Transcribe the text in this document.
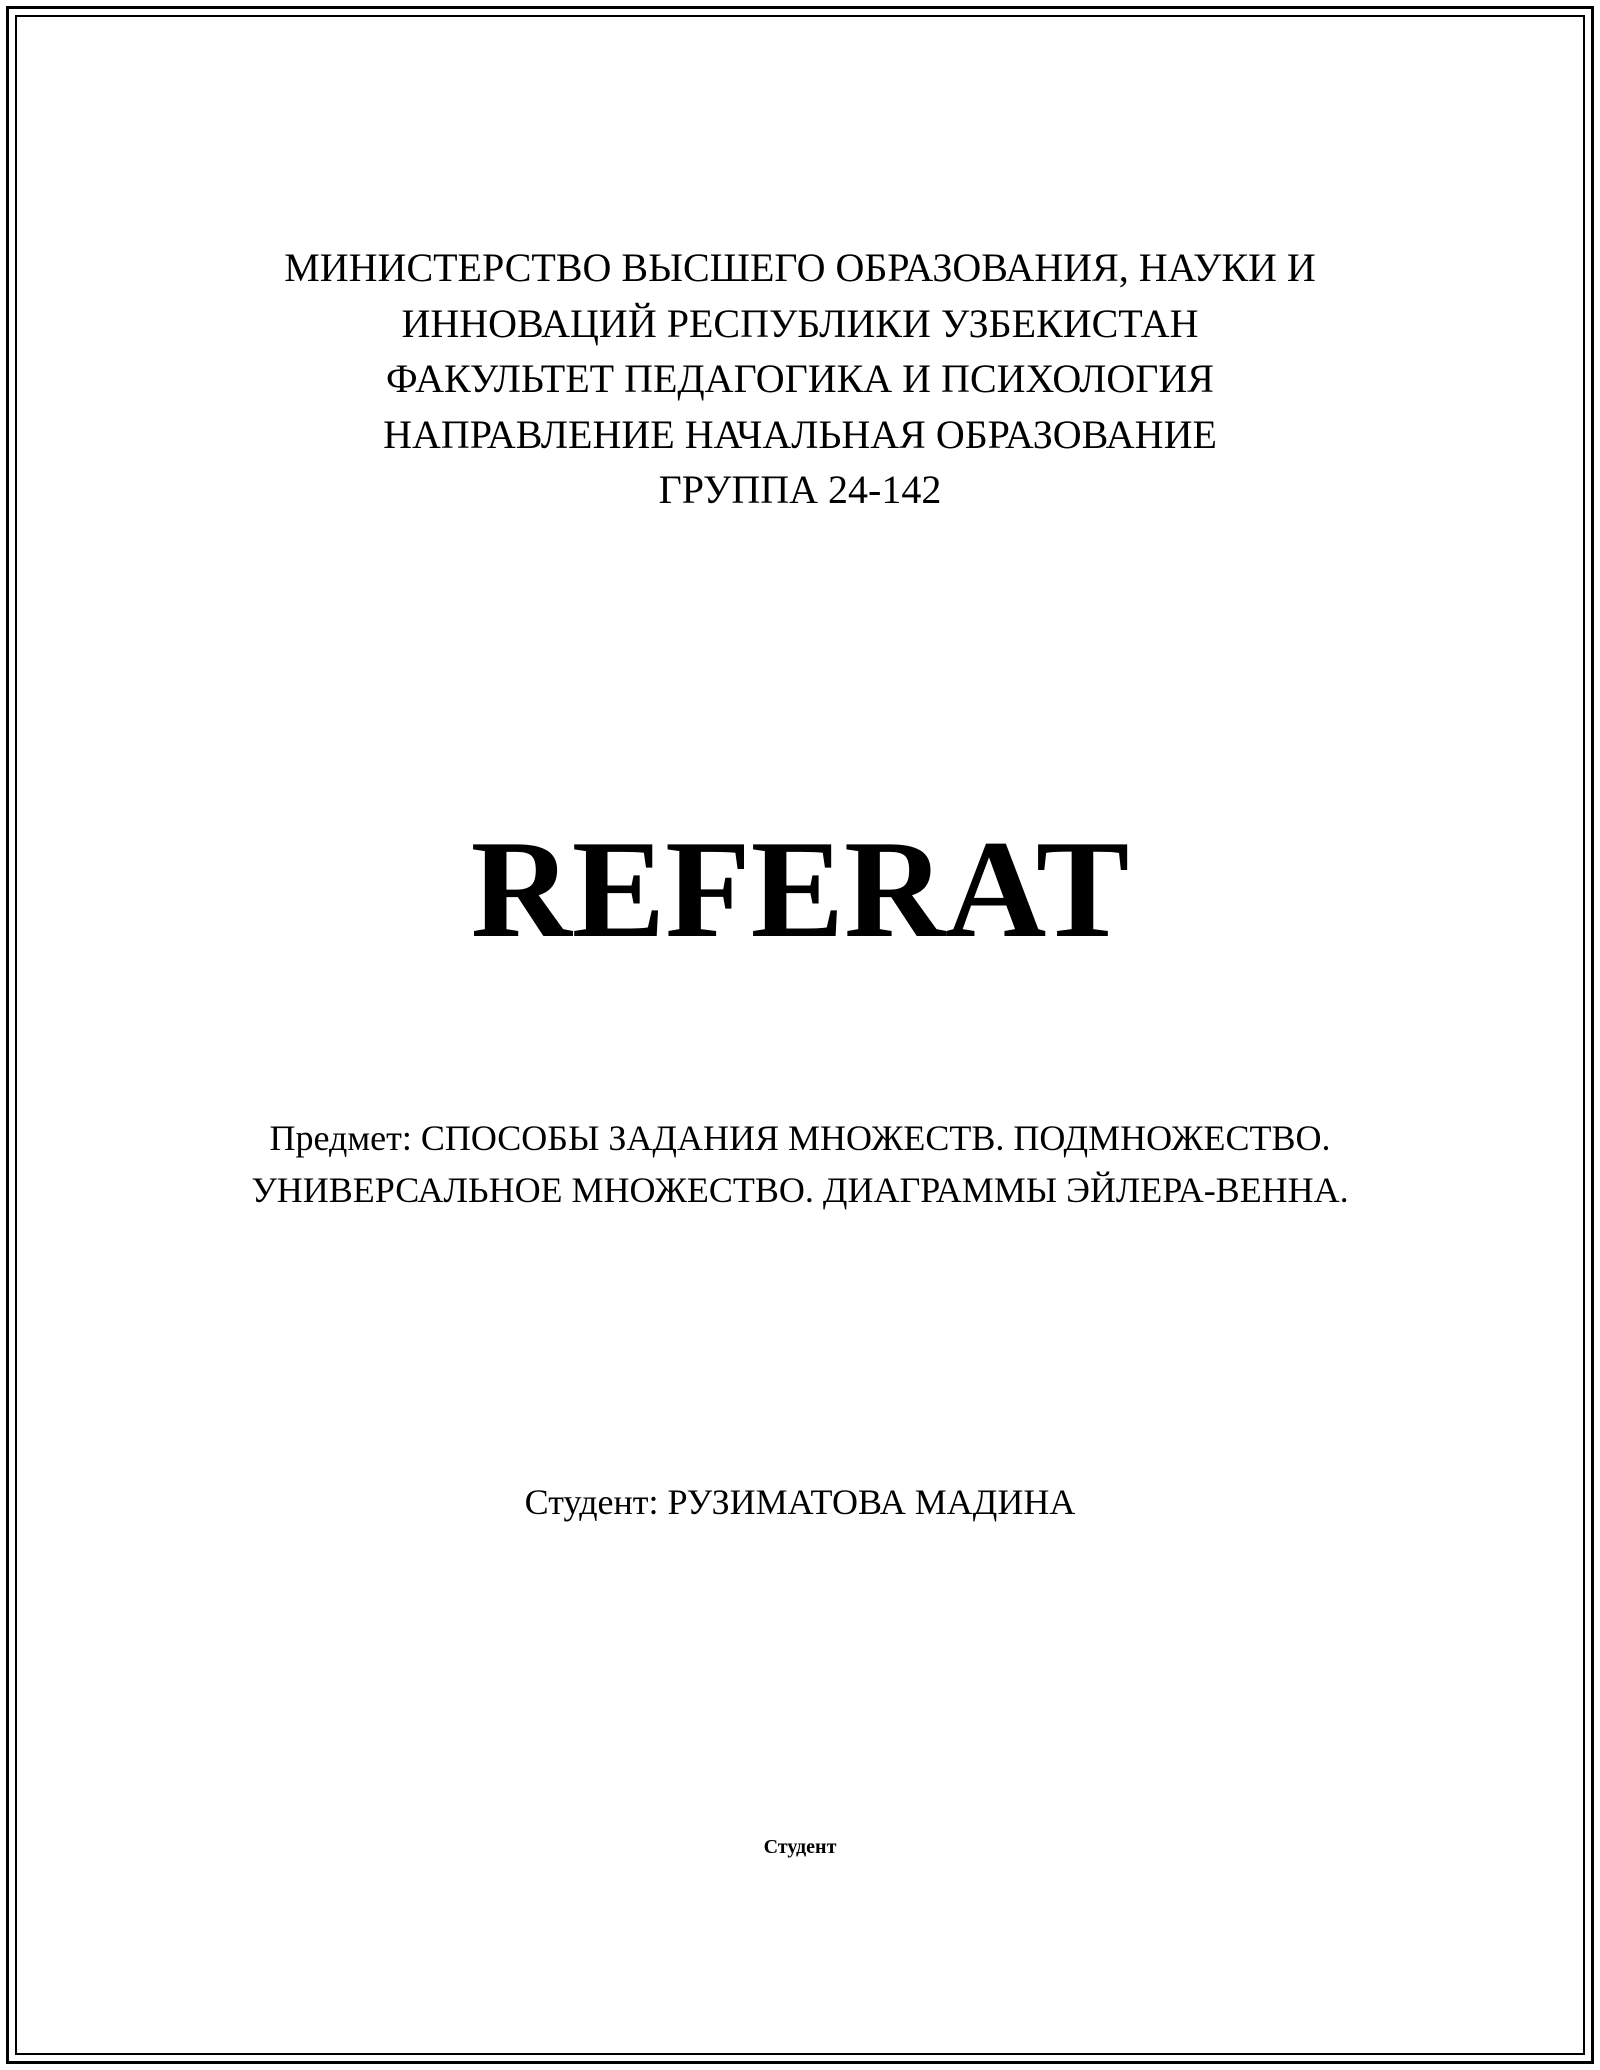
МИНИСТЕРСТВО ВЫСШЕГО ОБРАЗОВАНИЯ, НАУКИ И
ИННОВАЦИЙ РЕСПУБЛИКИ УЗБЕКИСТАН
ФАКУЛЬТЕТ ПЕДАГОГИКА И ПСИХОЛОГИЯ
НАПРАВЛЕНИЕ НАЧАЛЬНАЯ ОБРАЗОВАНИЕ
ГРУППА 24-142
REFERAT
Предмет: СПОСОБЫ ЗАДАНИЯ МНОЖЕСТВ. ПОДМНОЖЕСТВО.
УНИВЕРСАЛЬНОЕ МНОЖЕСТВО. ДИАГРАММЫ ЭЙЛЕРА-ВЕННА.
Студент: РУЗИМАТОВА МАДИНА
Студент
